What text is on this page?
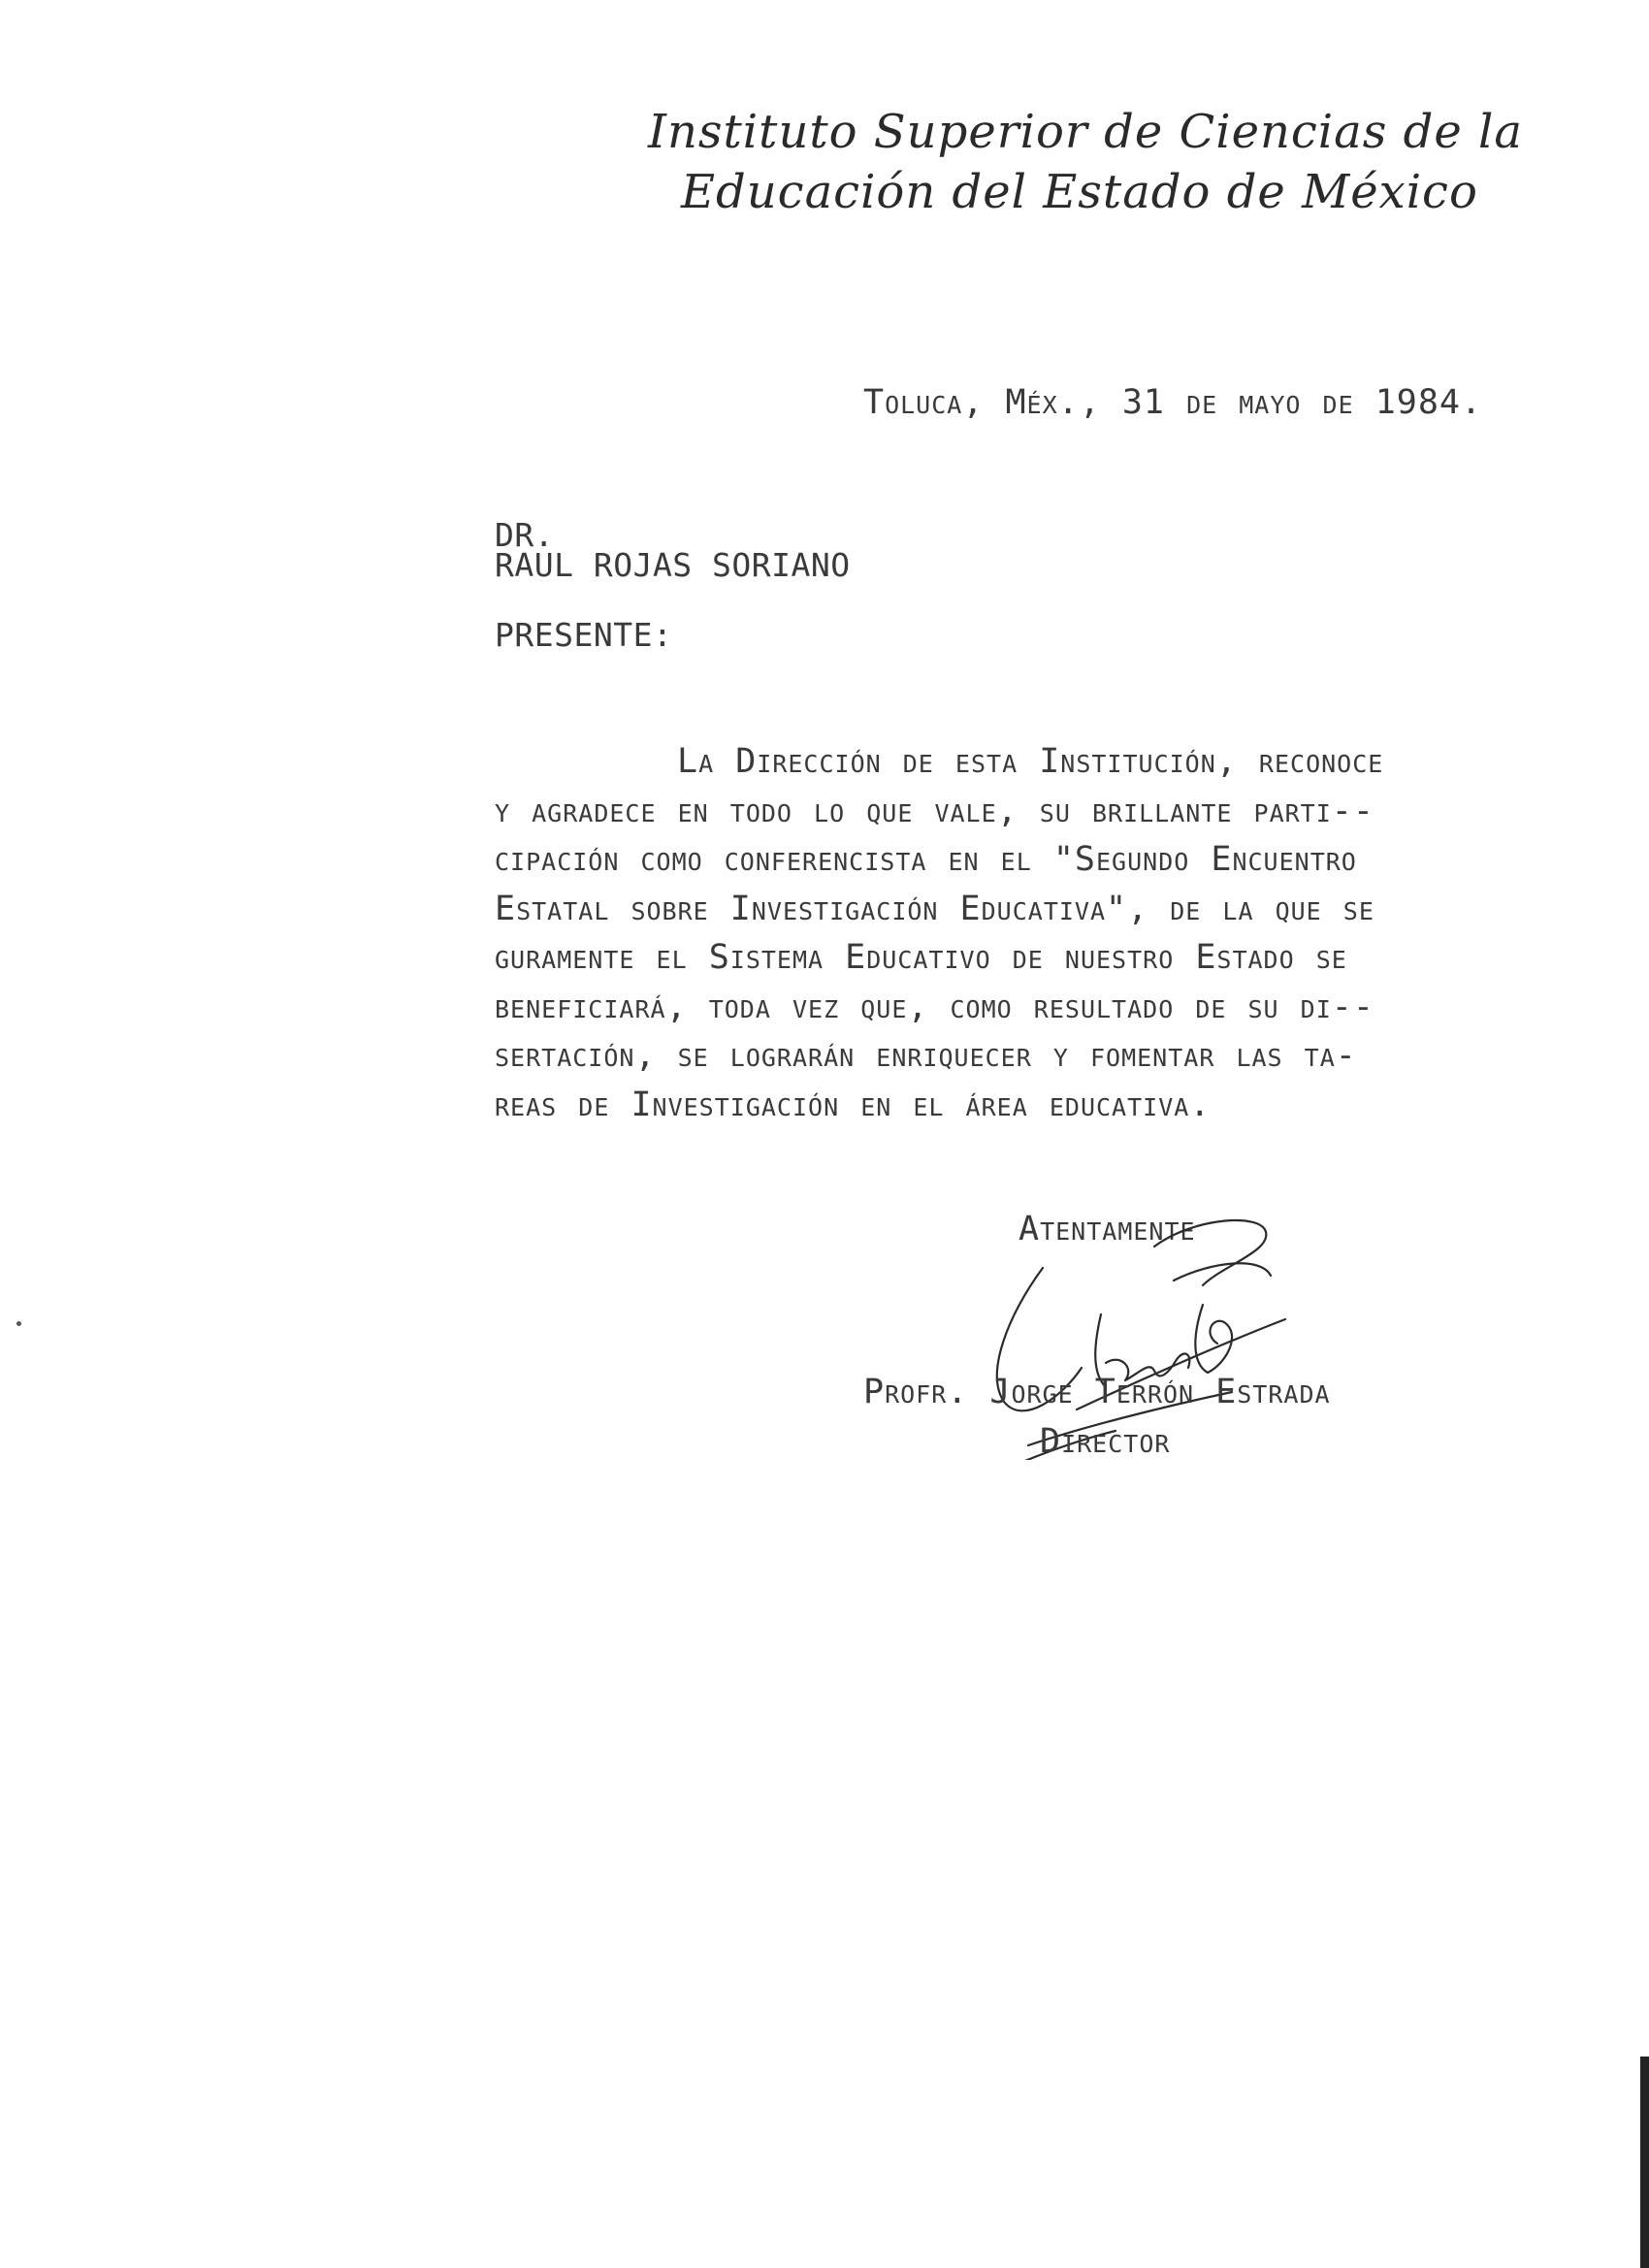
Instituto Superior de Ciencias de la
Educación del Estado de México
Toluca, Méx., 31 de mayo de 1984.
DR.
RAUL ROJAS SORIANO
PRESENTE:
La Dirección de esta Institución, reconoce
y agradece en todo lo que vale, su brillante parti--
cipación como conferencista en el "Segundo Encuentro
Estatal sobre Investigación Educativa", de la que se
guramente el Sistema Educativo de nuestro Estado se
beneficiará, toda vez que, como resultado de su di--
sertación, se lograrán enriquecer y fomentar las ta-
reas de Investigación en el área educativa.
Atentamente
Profr. Jorge Terrón Estrada
Director
